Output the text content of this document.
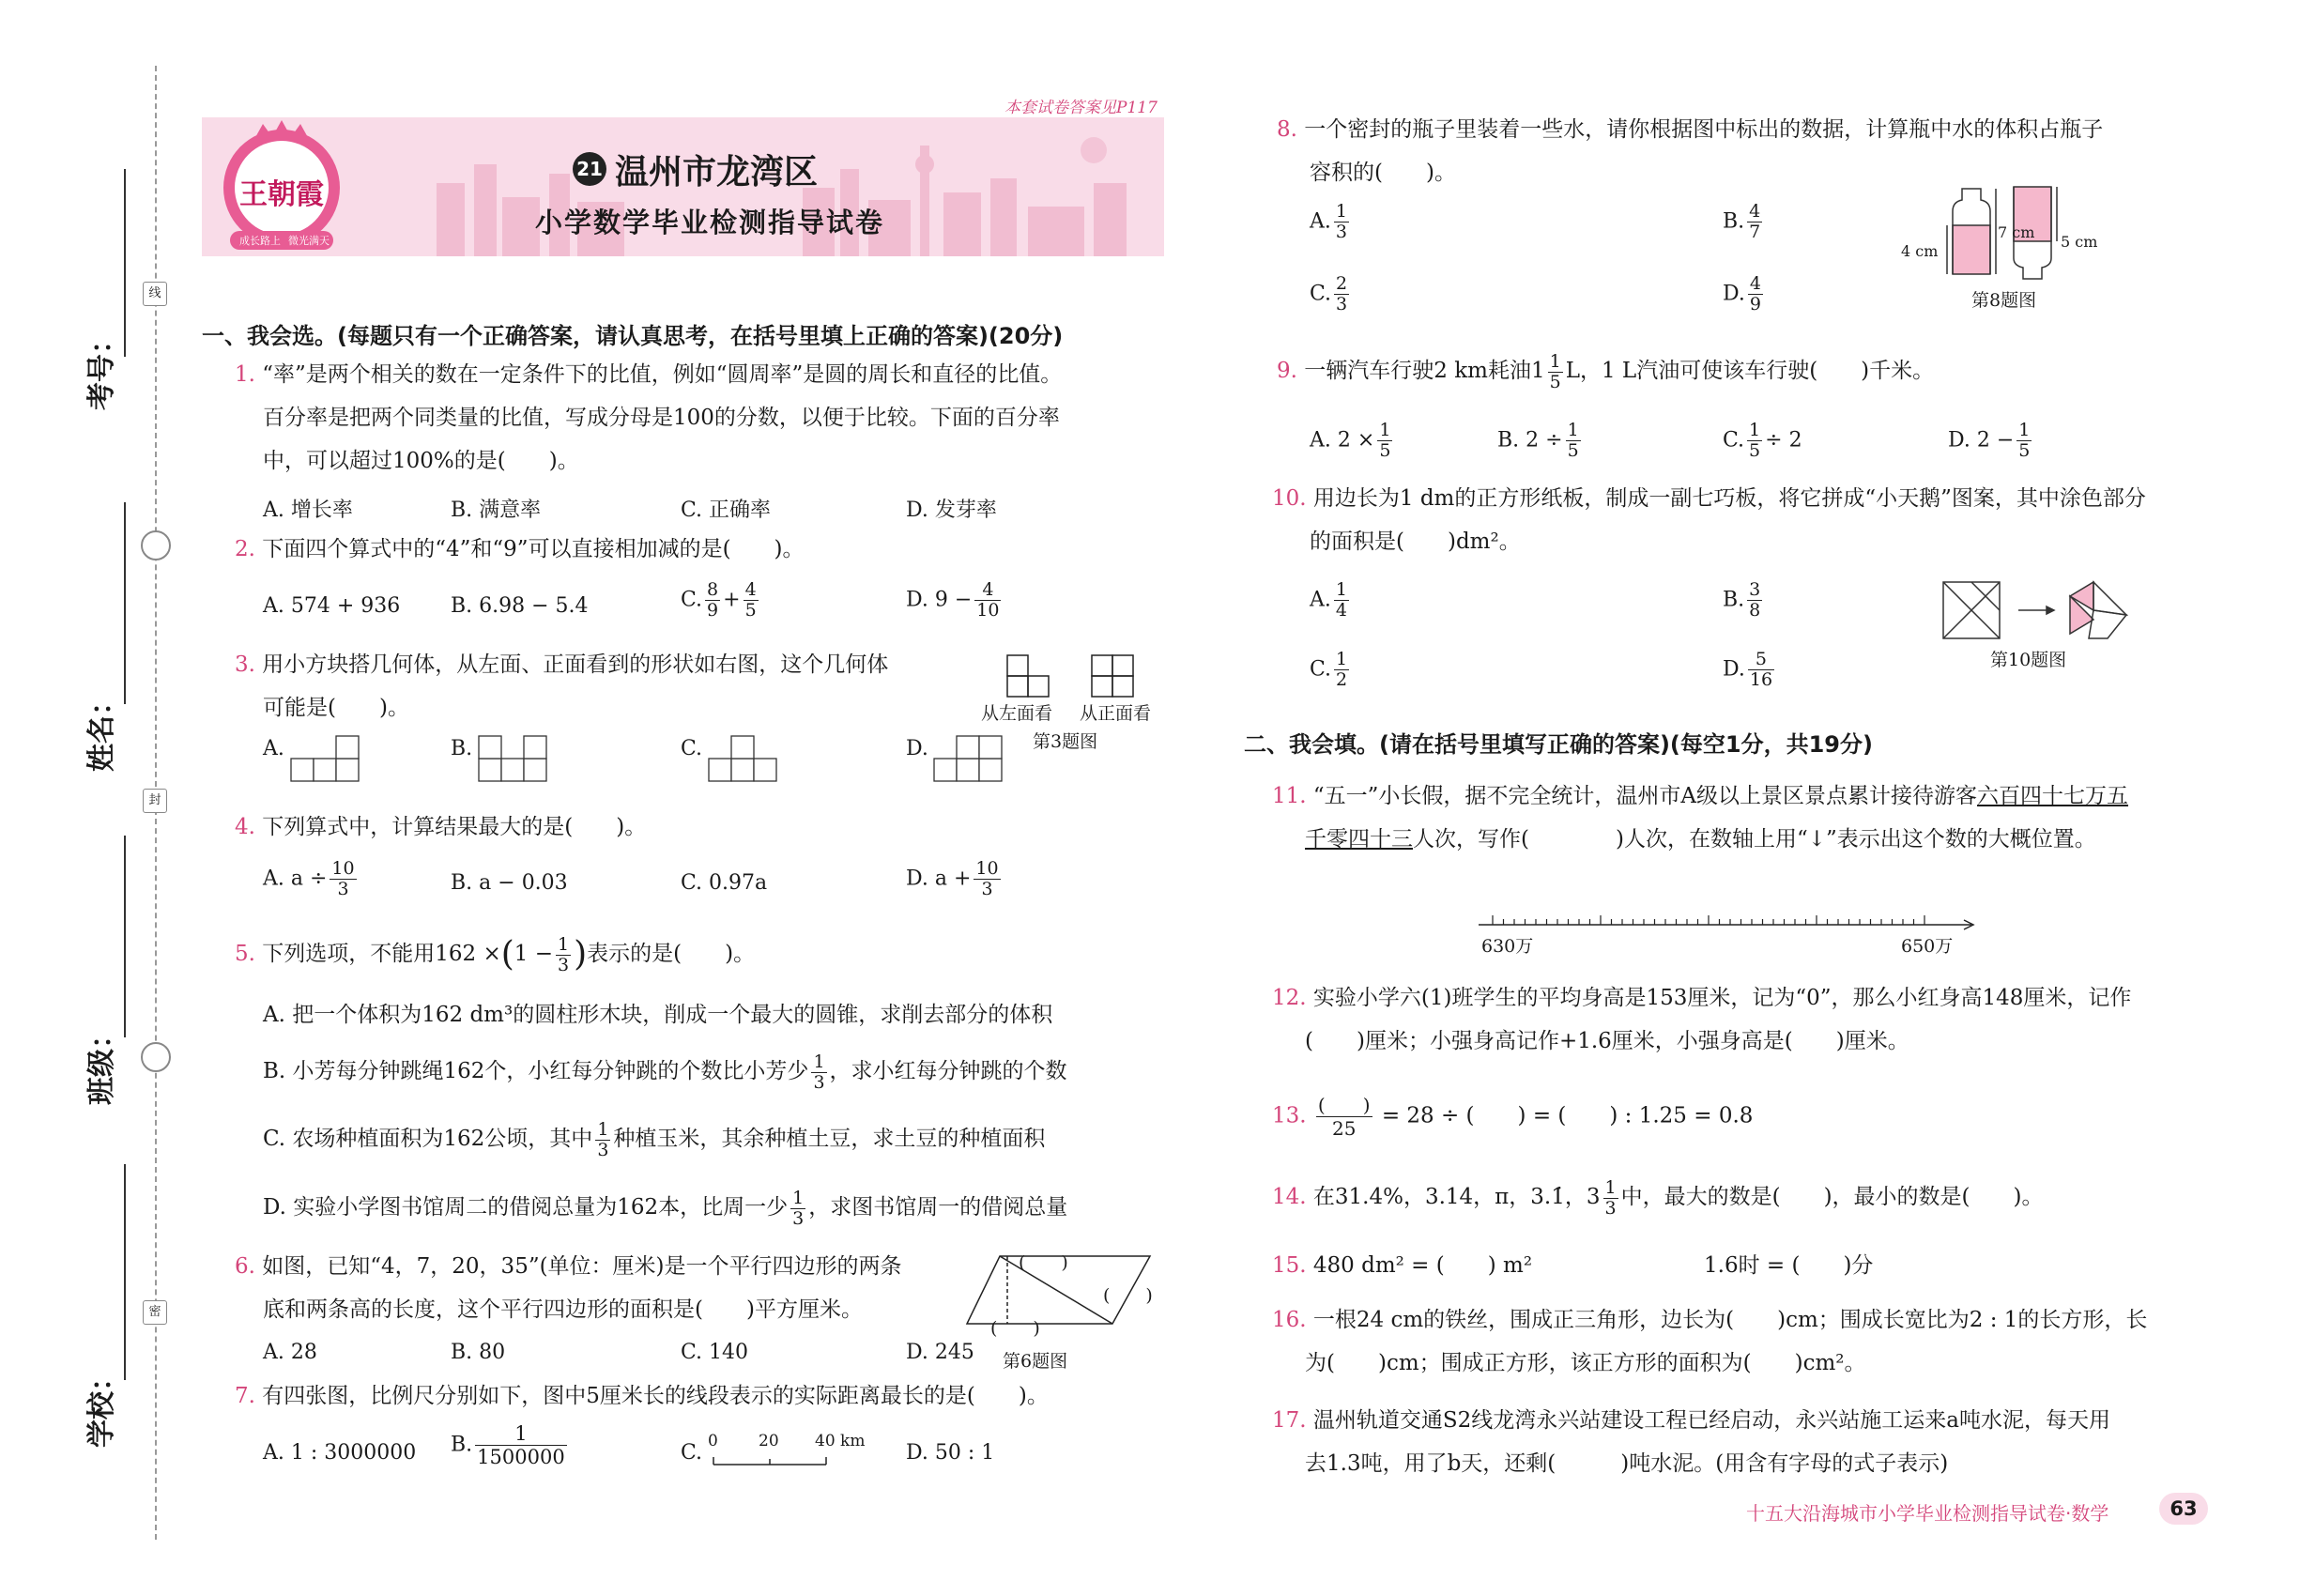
考号：
姓名：
班级：
学校：
线
封
密
本套试卷答案见P117
王朝霞
成长路上 微光满天
21 温州市龙湾区
小学数学毕业检测指导试卷
一、我会选。(每题只有一个正确答案，请认真思考，在括号里填上正确的答案)(20分)
1. “率”是两个相关的数在一定条件下的比值，例如“圆周率”是圆的周长和直径的比值。
百分率是把两个同类量的比值，写成分母是100的分数，以便于比较。下面的百分率
中，可以超过100%的是(　　)。
A. 增长率	B. 满意率	C. 正确率	D. 发芽率
2. 下面四个算式中的“4”和“9”可以直接相加减的是(　　)。
A. 574 + 936 B. 6.98 − 5.4	C. $\frac{8}{9} + \frac{4}{5}$	D. $9 - \frac{4}{10}$
3. 用小方块搭几何体，从左面、正面看到的形状如右图，这个几何体
可能是(　　)。	从左面看 从正面看
第3题图
A.	B.	C.	D.
4. 下列算式中，计算结果最大的是(　　)。
A. $a \div \frac{10}{3}$	B. a − 0.03	C. 0.97a	D. $a + \frac{10}{3}$
5. 下列选项，不能用$162 \times(1 - \frac{1}{3}$ )表示的是(　　)。
A. 把一个体积为162 dm³的圆柱形木块，削成一个最大的圆锥，求削去部分的体积
B. 小芳每分钟跳绳162个，小红每分钟跳的个数比小芳少 $\frac{1}{3}$ ，求小红每分钟跳的个数
C. 农场种植面积为162公顷，其中 $\frac{1}{3}$ 种植玉米，其余种植土豆，求土豆的种植面积
D. 实验小学图书馆周二的借阅总量为162本，比周一少 $\frac{1}{3}$ ，求图书馆周一的借阅总量
6. 如图，已知“4，7，20，35”(单位：厘米)是一个平行四边形的两条
底和两条高的长度，这个平行四边形的面积是(　　)平方厘米。
A. 28	B. 80	C. 140	D. 245
(　　)
(　　)
(　　)
第6题图
7. 有四张图，比例尺分别如下，图中5厘米长的线段表示的实际距离最长的是(　　)。
A. 1 : 3000000 B. $\frac{1}{1500000}$	C. 0	20 40 km D. 50 : 1
8. 一个密封的瓶子里装着一些水，请你根据图中标出的数据，计算瓶中水的体积占瓶子
容积的(　　)。
A. $\frac{1}{3}$	B. $\frac{4}{7}$
C. $\frac{2}{3}$	D. $\frac{4}{9}$
4 cm
7 cm
5 cm
第8题图
9. 一辆汽车行驶2 km耗油$1 \frac{1}{5}$ L，1 L汽油可使该车行驶(　　)千米。
A. $2 \times \frac{1}{5}$	B. $2 \div \frac{1}{5}$	C. $\frac{1}{5} \div 2$	D. $2 - \frac{1}{5}$
10. 用边长为1 dm的正方形纸板，制成一副七巧板，将它拼成“小天鹅”图案，其中涂色部分
的面积是(　　)dm²。
A. $\frac{1}{4}$	B. $\frac{3}{8}$
C. $\frac{1}{2}$	D. $\frac{5}{16}$	第10题图
二、我会填。(请在括号里填写正确的答案)(每空1分，共19分)
11. “五一”小长假，据不完全统计，温州市A级以上景区景点累计接待游客六百四十七万五
千零四十三人次，写作(　　　　)人次，在数轴上用“↓”表示出这个数的大概位置。
630万	650万
12. 实验小学六(1)班学生的平均身高是153厘米，记为“0”，那么小红身高148厘米，记作
(　　)厘米；小强身高记作+1.6厘米，小强身高是(　　)厘米。
13. $\frac{( )}{25} = 28$ ÷ (　　) = (　　) : 1.25 = 0.8
14. 在31.4%，3.14，π，3.1̇，$3 \frac{1}{3}$ 中，最大的数是(　　)，最小的数是(　　)。
15. 480 dm² = (　　) m²	1.6时 = (　　)分
16. 一根24 cm的铁丝，围成正三角形，边长为(　　)cm；围成长宽比为2 : 1的长方形，长
为(　　)cm；围成正方形，该正方形的面积为(　　)cm²。
17. 温州轨道交通S2线龙湾永兴站建设工程已经启动，永兴站施工运来a吨水泥，每天用
去1.3吨，用了b天，还剩(　　　)吨水泥。(用含有字母的式子表示)
十五大沿海城市小学毕业检测指导试卷·数学	63
